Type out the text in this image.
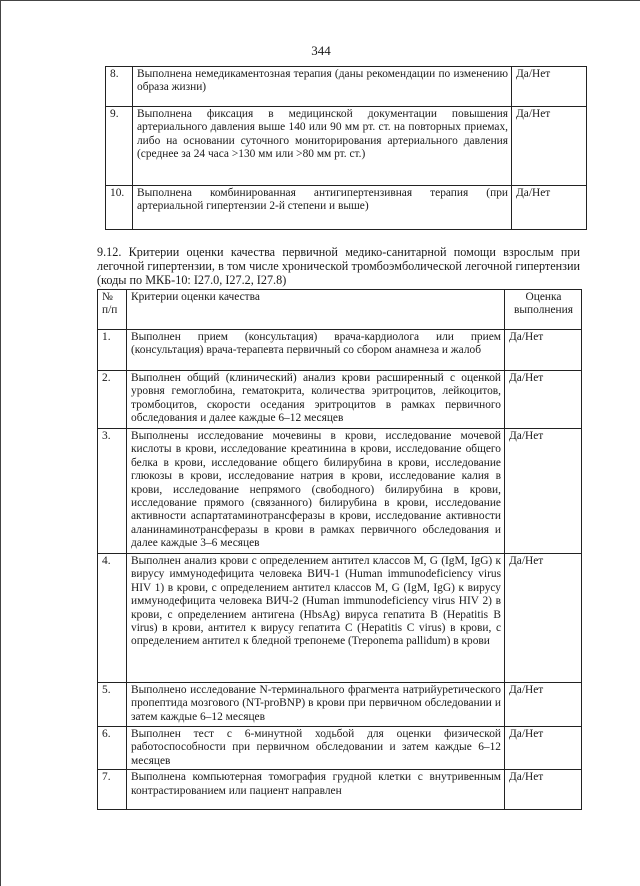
344
8.	Выполнена немедикаментозная терапия (даны рекомендации по изменению образа жизни)	Да/Нет
9.	Выполнена фиксация в медицинской документации повышения артериального давления выше 140 или 90 мм рт. ст. на повторных приемах, либо на основании суточного мониторирования артериального давления (среднее за 24 часа >130 мм или >80 мм рт. ст.)	Да/Нет
10.	Выполнена комбинированная антигипертензивная терапия (при артериальной гипертензии 2-й степени и выше)	Да/Нет
9.12. Критерии оценки качества первичной медико-санитарной помощи взрослым при легочной гипертензии, в том числе хронической тромбоэмболической легочной гипертензии (коды по МКБ-10: I27.0, I27.2, I27.8)
№ п/п	Критерии оценки качества	Оценка выполнения
1.	Выполнен прием (консультация) врача-кардиолога или прием (консультация) врача-терапевта первичный со сбором анамнеза и жалоб	Да/Нет
2.	Выполнен общий (клинический) анализ крови расширенный с оценкой уровня гемоглобина, гематокрита, количества эритроцитов, лейкоцитов, тромбоцитов, скорости оседания эритроцитов в рамках первичного обследования и далее каждые 6–12 месяцев	Да/Нет
3.	Выполнены исследование мочевины в крови, исследование мочевой кислоты в крови, исследование креатинина в крови, исследование общего белка в крови, исследование общего билирубина в крови, исследование глюкозы в крови, исследование натрия в крови, исследование калия в крови, исследование непрямого (свободного) билирубина в крови, исследование прямого (связанного) билирубина в крови, исследование активности аспартатаминотрансферазы в крови, исследование активности аланинаминотрансферазы в крови в рамках первичного обследования и далее каждые 3–6 месяцев	Да/Нет
4.	Выполнен анализ крови с определением антител классов M, G (IgM, IgG) к вирусу иммунодефицита человека ВИЧ-1 (Human immunodeficiency virus HIV 1) в крови, с определением антител классов M, G (IgM, IgG) к вирусу иммунодефицита человека ВИЧ-2 (Human immunodeficiency virus HIV 2) в крови, с определением антигена (HbsAg) вируса гепатита B (Hepatitis B virus) в крови, антител к вирусу гепатита C (Hepatitis C virus) в крови, с определением антител к бледной трепонеме (Treponema pallidum) в крови	Да/Нет
5.	Выполнено исследование N-терминального фрагмента натрийуретического пропептида мозгового (NT-proBNP) в крови при первичном обследовании и затем каждые 6–12 месяцев	Да/Нет
6.	Выполнен тест с 6-минутной ходьбой для оценки физической работоспособности при первичном обследовании и затем каждые 6–12 месяцев	Да/Нет
7.	Выполнена компьютерная томография грудной клетки с внутривенным контрастированием или пациент направлен	Да/Нет
